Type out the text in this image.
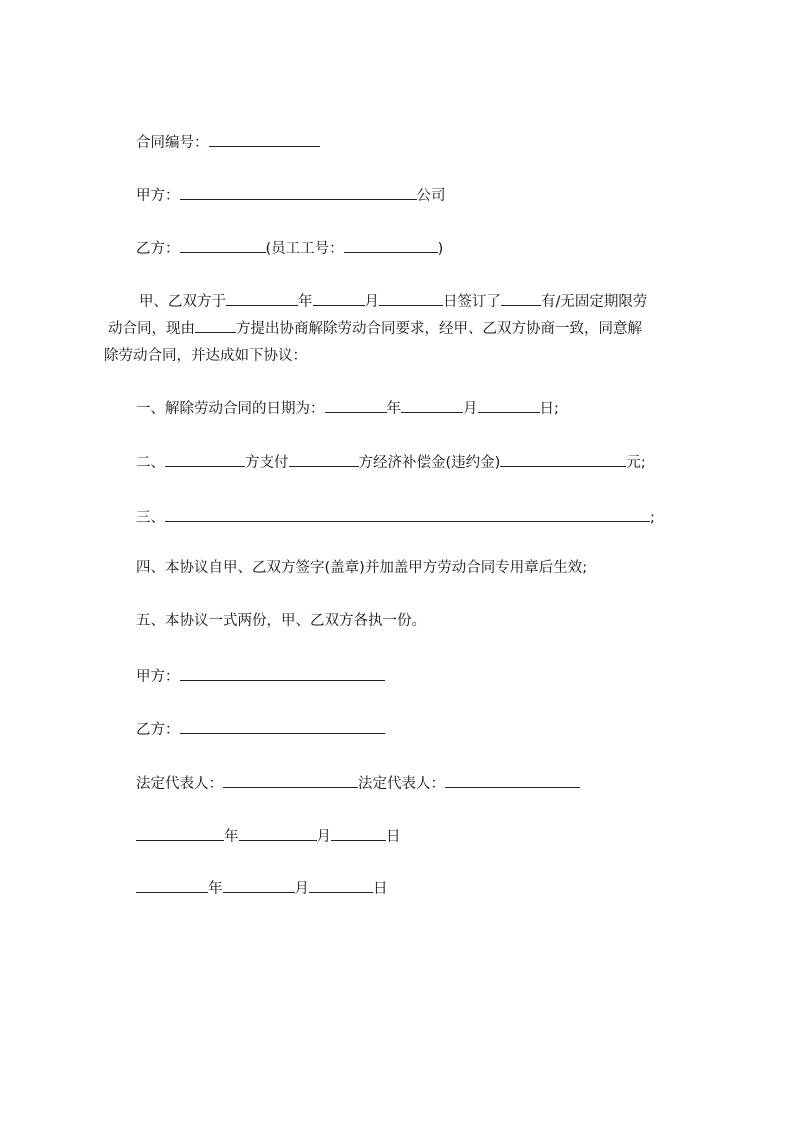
合同编号：
甲方：	公司
乙方：	(员工工号：	)
甲、乙双方于	年	月	日签订了	有/无固定期限劳
动合同，现由	方提出协商解除劳动合同要求，经甲、乙双方协商一致，同意解
除劳动合同，并达成如下协议：
一、解除劳动合同的日期为：	年	月	日;
二、	方支付	方经济补偿金(违约金)	元;
三、	;
四、本协议自甲、乙双方签字(盖章)并加盖甲方劳动合同专用章后生效;
五、本协议一式两份，甲、乙双方各执一份。
甲方：
乙方：
法定代表人：	法定代表人：
年	月	日
年	月	日
